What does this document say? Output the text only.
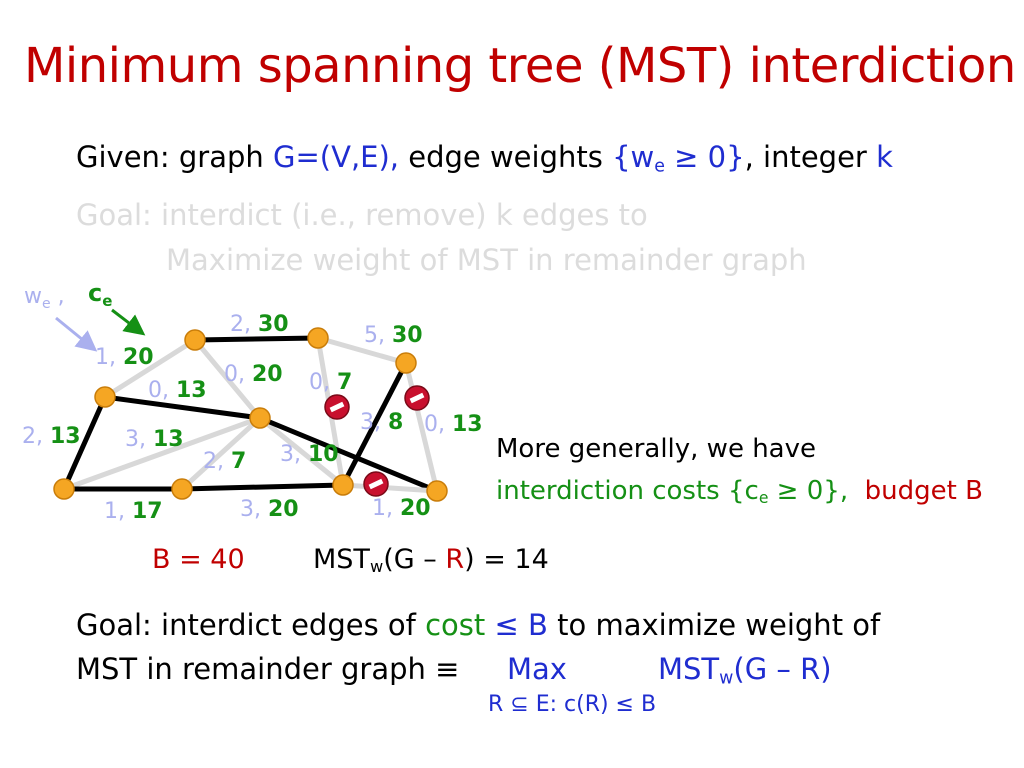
Minimum spanning tree (MST) interdiction
Given: graph G=(V,E), edge weights $\{w_e \ge 0\}$, integer k
Goal: interdict (i.e., remove) k edges to
Maximize weight of MST in remainder graph
$w_e$ , $c_e$
2, 30
1, 20
0, 20 0, 7
3, 8 0, 13
5, 30
0, 13
2, 13 3, 13
2, 7 3, 10
1, 17	3, 20	1, 20
More generally, we have
interdiction costs $\{c_e \ge 0\}$, budget B
B = 40	$MST_w(G - R) = 14$
Goal: interdict edges of cost ≤ B to maximize weight of
MST in remainder graph ≡ Max	$MST_w(G - R)$
R ⊆ E: c(R) ≤ B
